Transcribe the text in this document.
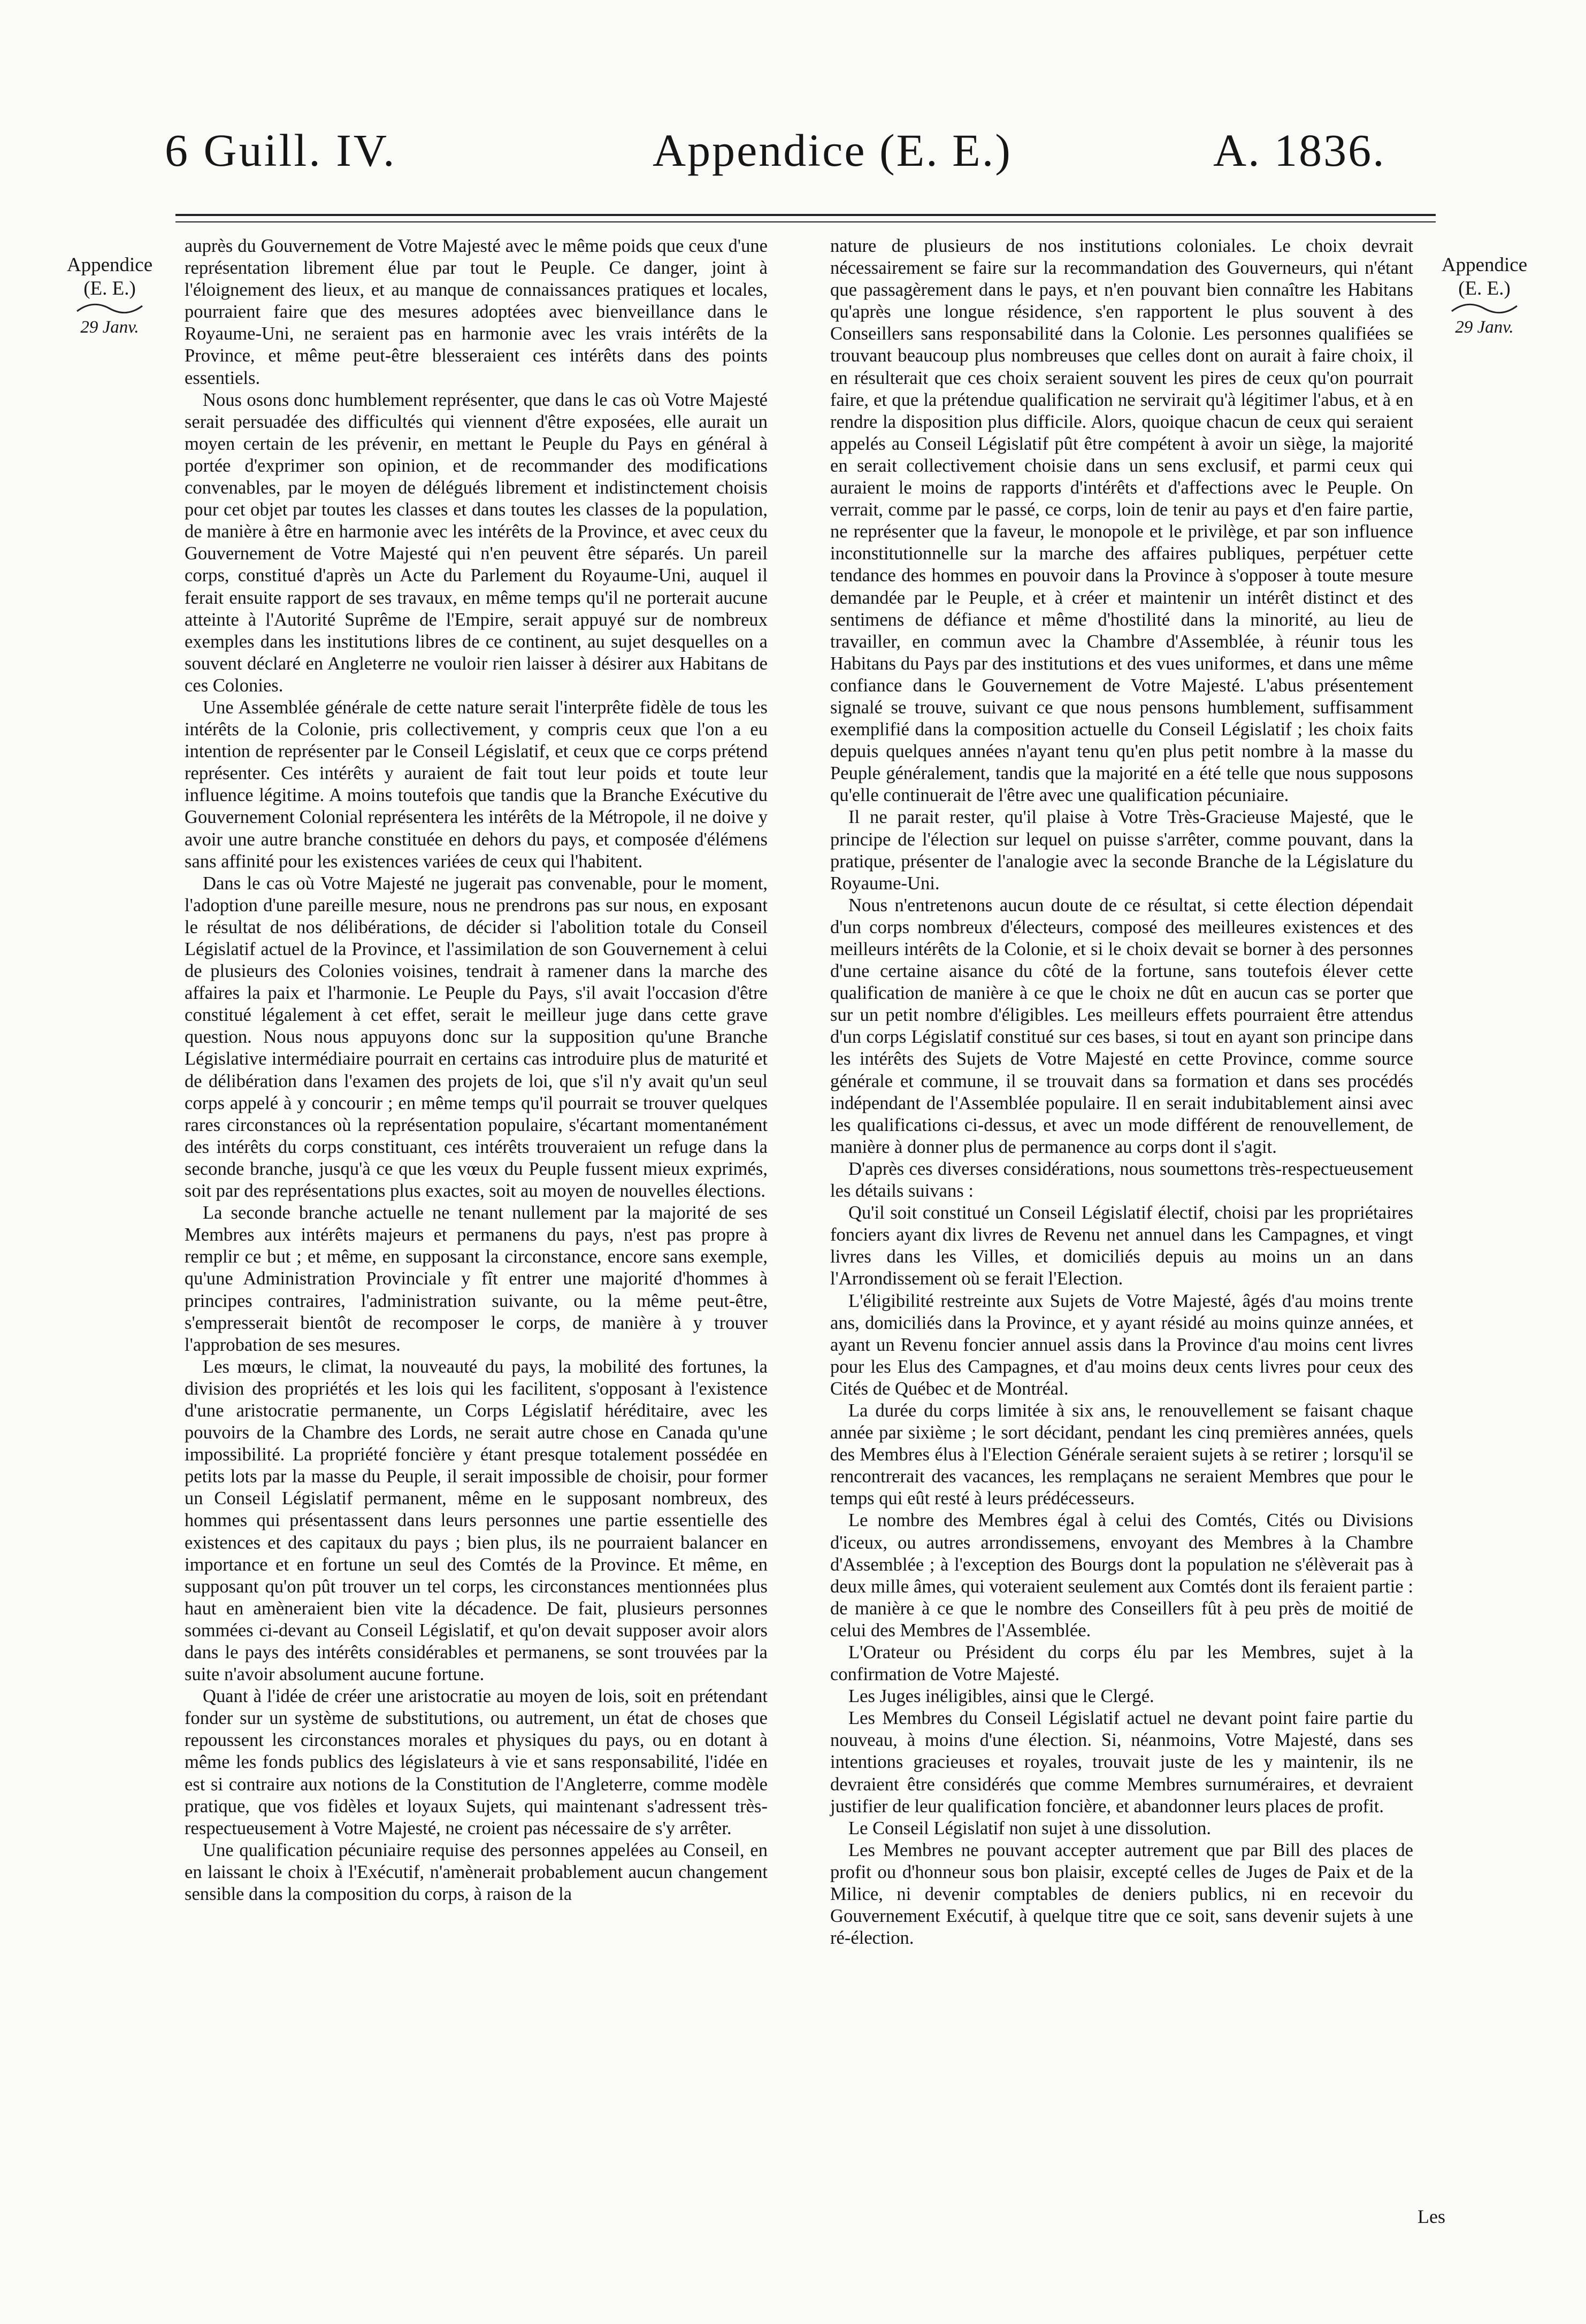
6 Guill. IV.	Appendice (E. E.)	A. 1836.
Appendice
(E. E.)
29 Janv.
Appendice
(E. E.)
29 Janv.

auprès du Gouvernement de Votre Majesté avec le même poids que ceux d'une représentation librement élue par tout le Peuple. Ce danger, joint à l'éloignement des lieux, et au manque de connaissances pratiques et locales, pourraient faire que des mesures adoptées avec bienveillance dans le Royaume-Uni, ne seraient pas en harmonie avec les vrais intérêts de la Province, et même peut-être blesseraient ces intérêts dans des points essentiels.

Nous osons donc humblement représenter, que dans le cas où Votre Majesté serait persuadée des difficultés qui viennent d'être exposées, elle aurait un moyen certain de les prévenir, en mettant le Peuple du Pays en général à portée d'exprimer son opinion, et de recommander des modifications convenables, par le moyen de délégués librement et indistinctement choisis pour cet objet par toutes les classes et dans toutes les classes de la population, de manière à être en harmonie avec les intérêts de la Province, et avec ceux du Gouvernement de Votre Majesté qui n'en peuvent être séparés. Un pareil corps, constitué d'après un Acte du Parlement du Royaume-Uni, auquel il ferait ensuite rapport de ses travaux, en même temps qu'il ne porterait aucune atteinte à l'Autorité Suprême de l'Empire, serait appuyé sur de nombreux exemples dans les institutions libres de ce continent, au sujet desquelles on a souvent déclaré en Angleterre ne vouloir rien laisser à désirer aux Habitans de ces Colonies.

Une Assemblée générale de cette nature serait l'interprête fidèle de tous les intérêts de la Colonie, pris collectivement, y compris ceux que l'on a eu intention de représenter par le Conseil Législatif, et ceux que ce corps prétend représenter. Ces intérêts y auraient de fait tout leur poids et toute leur influence légitime. A moins toutefois que tandis que la Branche Exécutive du Gouvernement Colonial représentera les intérêts de la Métropole, il ne doive y avoir une autre branche constituée en dehors du pays, et composée d'élémens sans affinité pour les existences variées de ceux qui l'habitent.

Dans le cas où Votre Majesté ne jugerait pas convenable, pour le moment, l'adoption d'une pareille mesure, nous ne prendrons pas sur nous, en exposant le résultat de nos délibérations, de décider si l'abolition totale du Conseil Législatif actuel de la Province, et l'assimilation de son Gouvernement à celui de plusieurs des Colonies voisines, tendrait à ramener dans la marche des affaires la paix et l'harmonie. Le Peuple du Pays, s'il avait l'occasion d'être constitué légalement à cet effet, serait le meilleur juge dans cette grave question. Nous nous appuyons donc sur la supposition qu'une Branche Législative intermédiaire pourrait en certains cas introduire plus de maturité et de délibération dans l'examen des projets de loi, que s'il n'y avait qu'un seul corps appelé à y concourir ; en même temps qu'il pourrait se trouver quelques rares circonstances où la représentation populaire, s'écartant momentanément des intérêts du corps constituant, ces intérêts trouveraient un refuge dans la seconde branche, jusqu'à ce que les vœux du Peuple fussent mieux exprimés, soit par des représentations plus exactes, soit au moyen de nouvelles élections.

La seconde branche actuelle ne tenant nullement par la majorité de ses Membres aux intérêts majeurs et permanens du pays, n'est pas propre à remplir ce but ; et même, en supposant la circonstance, encore sans exemple, qu'une Administration Provinciale y fît entrer une majorité d'hommes à principes contraires, l'administration suivante, ou la même peut-être, s'empresserait bientôt de recomposer le corps, de manière à y trouver l'approbation de ses mesures.

Les mœurs, le climat, la nouveauté du pays, la mobilité des fortunes, la division des propriétés et les lois qui les facilitent, s'opposant à l'existence d'une aristocratie permanente, un Corps Législatif héréditaire, avec les pouvoirs de la Chambre des Lords, ne serait autre chose en Canada qu'une impossibilité. La propriété foncière y étant presque totalement possédée en petits lots par la masse du Peuple, il serait impossible de choisir, pour former un Conseil Législatif permanent, même en le supposant nombreux, des hommes qui présentassent dans leurs personnes une partie essentielle des existences et des capitaux du pays ; bien plus, ils ne pourraient balancer en importance et en fortune un seul des Comtés de la Province. Et même, en supposant qu'on pût trouver un tel corps, les circonstances mentionnées plus haut en amèneraient bien vite la décadence. De fait, plusieurs personnes sommées ci-devant au Conseil Législatif, et qu'on devait supposer avoir alors dans le pays des intérêts considérables et permanens, se sont trouvées par la suite n'avoir absolument aucune fortune.

Quant à l'idée de créer une aristocratie au moyen de lois, soit en prétendant fonder sur un système de substitutions, ou autrement, un état de choses que repoussent les circonstances morales et physiques du pays, ou en dotant à même les fonds publics des législateurs à vie et sans responsabilité, l'idée en est si contraire aux notions de la Constitution de l'Angleterre, comme modèle pratique, que vos fidèles et loyaux Sujets, qui maintenant s'adressent très-respectueusement à Votre Majesté, ne croient pas nécessaire de s'y arrêter.

Une qualification pécuniaire requise des personnes appelées au Conseil, en en laissant le choix à l'Exécutif, n'amènerait probablement aucun changement sensible dans la composition du corps, à raison de la

nature de plusieurs de nos institutions coloniales. Le choix devrait nécessairement se faire sur la recommandation des Gouverneurs, qui n'étant que passagèrement dans le pays, et n'en pouvant bien connaître les Habitans qu'après une longue résidence, s'en rapportent le plus souvent à des Conseillers sans responsabilité dans la Colonie. Les personnes qualifiées se trouvant beaucoup plus nombreuses que celles dont on aurait à faire choix, il en résulterait que ces choix seraient souvent les pires de ceux qu'on pourrait faire, et que la prétendue qualification ne servirait qu'à légitimer l'abus, et à en rendre la disposition plus difficile. Alors, quoique chacun de ceux qui seraient appelés au Conseil Législatif pût être compétent à avoir un siège, la majorité en serait collectivement choisie dans un sens exclusif, et parmi ceux qui auraient le moins de rapports d'intérêts et d'affections avec le Peuple. On verrait, comme par le passé, ce corps, loin de tenir au pays et d'en faire partie, ne représenter que la faveur, le monopole et le privilège, et par son influence inconstitutionnelle sur la marche des affaires publiques, perpétuer cette tendance des hommes en pouvoir dans la Province à s'opposer à toute mesure demandée par le Peuple, et à créer et maintenir un intérêt distinct et des sentimens de défiance et même d'hostilité dans la minorité, au lieu de travailler, en commun avec la Chambre d'Assemblée, à réunir tous les Habitans du Pays par des institutions et des vues uniformes, et dans une même confiance dans le Gouvernement de Votre Majesté. L'abus présentement signalé se trouve, suivant ce que nous pensons humblement, suffisamment exemplifié dans la composition actuelle du Conseil Législatif ; les choix faits depuis quelques années n'ayant tenu qu'en plus petit nombre à la masse du Peuple généralement, tandis que la majorité en a été telle que nous supposons qu'elle continuerait de l'être avec une qualification pécuniaire.

Il ne parait rester, qu'il plaise à Votre Très-Gracieuse Majesté, que le principe de l'élection sur lequel on puisse s'arrêter, comme pouvant, dans la pratique, présenter de l'analogie avec la seconde Branche de la Législature du Royaume-Uni.

Nous n'entretenons aucun doute de ce résultat, si cette élection dépendait d'un corps nombreux d'électeurs, composé des meilleures existences et des meilleurs intérêts de la Colonie, et si le choix devait se borner à des personnes d'une certaine aisance du côté de la fortune, sans toutefois élever cette qualification de manière à ce que le choix ne dût en aucun cas se porter que sur un petit nombre d'éligibles. Les meilleurs effets pourraient être attendus d'un corps Législatif constitué sur ces bases, si tout en ayant son principe dans les intérêts des Sujets de Votre Majesté en cette Province, comme source générale et commune, il se trouvait dans sa formation et dans ses procédés indépendant de l'Assemblée populaire. Il en serait indubitablement ainsi avec les qualifications ci-dessus, et avec un mode différent de renouvellement, de manière à donner plus de permanence au corps dont il s'agit.

D'après ces diverses considérations, nous soumettons très-respectueusement les détails suivans :

Qu'il soit constitué un Conseil Législatif électif, choisi par les propriétaires fonciers ayant dix livres de Revenu net annuel dans les Campagnes, et vingt livres dans les Villes, et domiciliés depuis au moins un an dans l'Arrondissement où se ferait l'Election.

L'éligibilité restreinte aux Sujets de Votre Majesté, âgés d'au moins trente ans, domiciliés dans la Province, et y ayant résidé au moins quinze années, et ayant un Revenu foncier annuel assis dans la Province d'au moins cent livres pour les Elus des Campagnes, et d'au moins deux cents livres pour ceux des Cités de Québec et de Montréal.

La durée du corps limitée à six ans, le renouvellement se faisant chaque année par sixième ; le sort décidant, pendant les cinq premières années, quels des Membres élus à l'Election Générale seraient sujets à se retirer ; lorsqu'il se rencontrerait des vacances, les remplaçans ne seraient Membres que pour le temps qui eût resté à leurs prédécesseurs.

Le nombre des Membres égal à celui des Comtés, Cités ou Divisions d'iceux, ou autres arrondissemens, envoyant des Membres à la Chambre d'Assemblée ; à l'exception des Bourgs dont la population ne s'élèverait pas à deux mille âmes, qui voteraient seulement aux Comtés dont ils feraient partie : de manière à ce que le nombre des Conseillers fût à peu près de moitié de celui des Membres de l'Assemblée.

L'Orateur ou Président du corps élu par les Membres, sujet à la confirmation de Votre Majesté.

Les Juges inéligibles, ainsi que le Clergé.

Les Membres du Conseil Législatif actuel ne devant point faire partie du nouveau, à moins d'une élection. Si, néanmoins, Votre Majesté, dans ses intentions gracieuses et royales, trouvait juste de les y maintenir, ils ne devraient être considérés que comme Membres surnuméraires, et devraient justifier de leur qualification foncière, et abandonner leurs places de profit.

Le Conseil Législatif non sujet à une dissolution.

Les Membres ne pouvant accepter autrement que par Bill des places de profit ou d'honneur sous bon plaisir, excepté celles de Juges de Paix et de la Milice, ni devenir comptables de deniers publics, ni en recevoir du Gouvernement Exécutif, à quelque titre que ce soit, sans devenir sujets à une ré-élection.

Les
